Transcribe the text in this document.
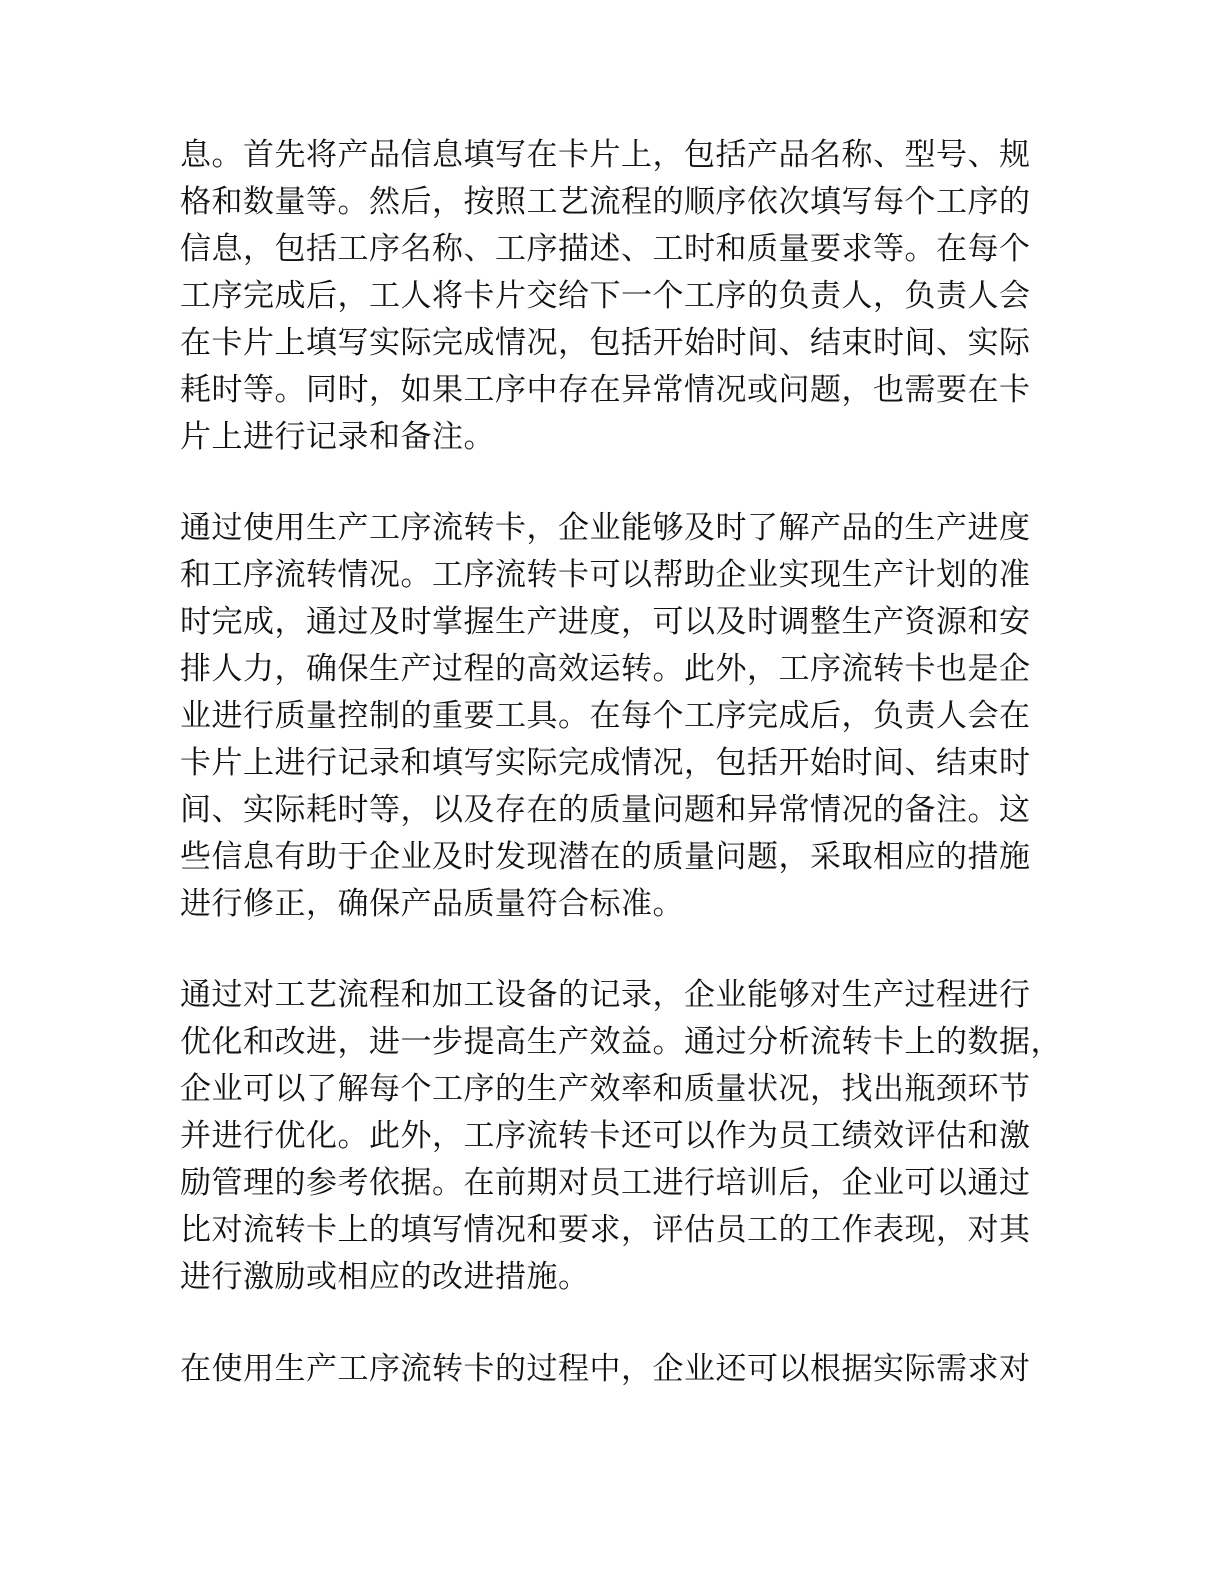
息。首先将产品信息填写在卡片上，包括产品名称、型号、规
格和数量等。然后，按照工艺流程的顺序依次填写每个工序的
信息，包括工序名称、工序描述、工时和质量要求等。在每个
工序完成后，工人将卡片交给下一个工序的负责人，负责人会
在卡片上填写实际完成情况，包括开始时间、结束时间、实际
耗时等。同时，如果工序中存在异常情况或问题，也需要在卡
片上进行记录和备注。
通过使用生产工序流转卡，企业能够及时了解产品的生产进度
和工序流转情况。工序流转卡可以帮助企业实现生产计划的准
时完成，通过及时掌握生产进度，可以及时调整生产资源和安
排人力，确保生产过程的高效运转。此外，工序流转卡也是企
业进行质量控制的重要工具。在每个工序完成后，负责人会在
卡片上进行记录和填写实际完成情况，包括开始时间、结束时
间、实际耗时等，以及存在的质量问题和异常情况的备注。这
些信息有助于企业及时发现潜在的质量问题，采取相应的措施
进行修正，确保产品质量符合标准。
通过对工艺流程和加工设备的记录，企业能够对生产过程进行
优化和改进，进一步提高生产效益。通过分析流转卡上的数据，
企业可以了解每个工序的生产效率和质量状况，找出瓶颈环节
并进行优化。此外，工序流转卡还可以作为员工绩效评估和激
励管理的参考依据。在前期对员工进行培训后，企业可以通过
比对流转卡上的填写情况和要求，评估员工的工作表现，对其
进行激励或相应的改进措施。
在使用生产工序流转卡的过程中，企业还可以根据实际需求对
